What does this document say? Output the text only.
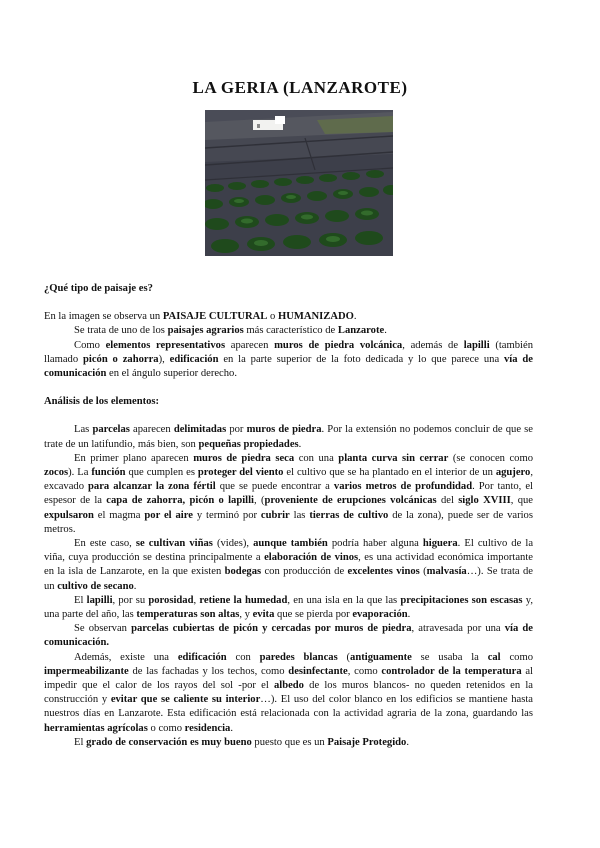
LA GERIA (LANZAROTE)

¿Qué tipo de paisaje es?

En la imagen se observa un PAISAJE CULTURAL o HUMANIZADO.

Se trata de uno de los paisajes agrarios más característico de Lanzarote.

Como elementos representativos aparecen muros de piedra volcánica, además de lapilli (también llamado picón o zahorra), edificación en la parte superior de la foto dedicada y lo que parece una vía de comunicación en el ángulo superior derecho.

Análisis de los elementos:

Las parcelas aparecen delimitadas por muros de piedra. Por la extensión no podemos concluir de que se trate de un latifundio, más bien, son pequeñas propiedades.

En primer plano aparecen muros de piedra seca con una planta curva sin cerrar (se conocen como zocos). La función que cumplen es proteger del viento el cultivo que se ha plantado en el interior de un agujero, excavado para alcanzar la zona fértil que se puede encontrar a varios metros de profundidad. Por tanto, el espesor de la capa de zahorra, picón o lapilli, (proveniente de erupciones volcánicas del siglo XVIII, que expulsaron el magma por el aire y terminó por cubrir las tierras de cultivo de la zona), puede ser de varios metros.

En este caso, se cultivan viñas (vides), aunque también podría haber alguna higuera. El cultivo de la viña, cuya producción se destina principalmente a elaboración de vinos, es una actividad económica importante en la isla de Lanzarote, en la que existen bodegas con producción de excelentes vinos (malvasía…). Se trata de un cultivo de secano.

El lapilli, por su porosidad, retiene la humedad, en una isla en la que las precipitaciones son escasas y, una parte del año, las temperaturas son altas, y evita que se pierda por evaporación.

Se observan parcelas cubiertas de picón y cercadas por muros de piedra, atravesada por una vía de comunicación.

Además, existe una edificación con paredes blancas (antiguamente se usaba la cal como impermeabilizante de las fachadas y los techos, como desinfectante, como controlador de la temperatura al impedir que el calor de los rayos del sol -por el albedo de los muros blancos- no queden retenidos en la construcción y evitar que se caliente su interior…). El uso del color blanco en los edificios se mantiene hasta nuestros días en Lanzarote. Esta edificación está relacionada con la actividad agraria de la zona, guardando las herramientas agrícolas o como residencia.

El grado de conservación es muy bueno puesto que es un Paisaje Protegido.
